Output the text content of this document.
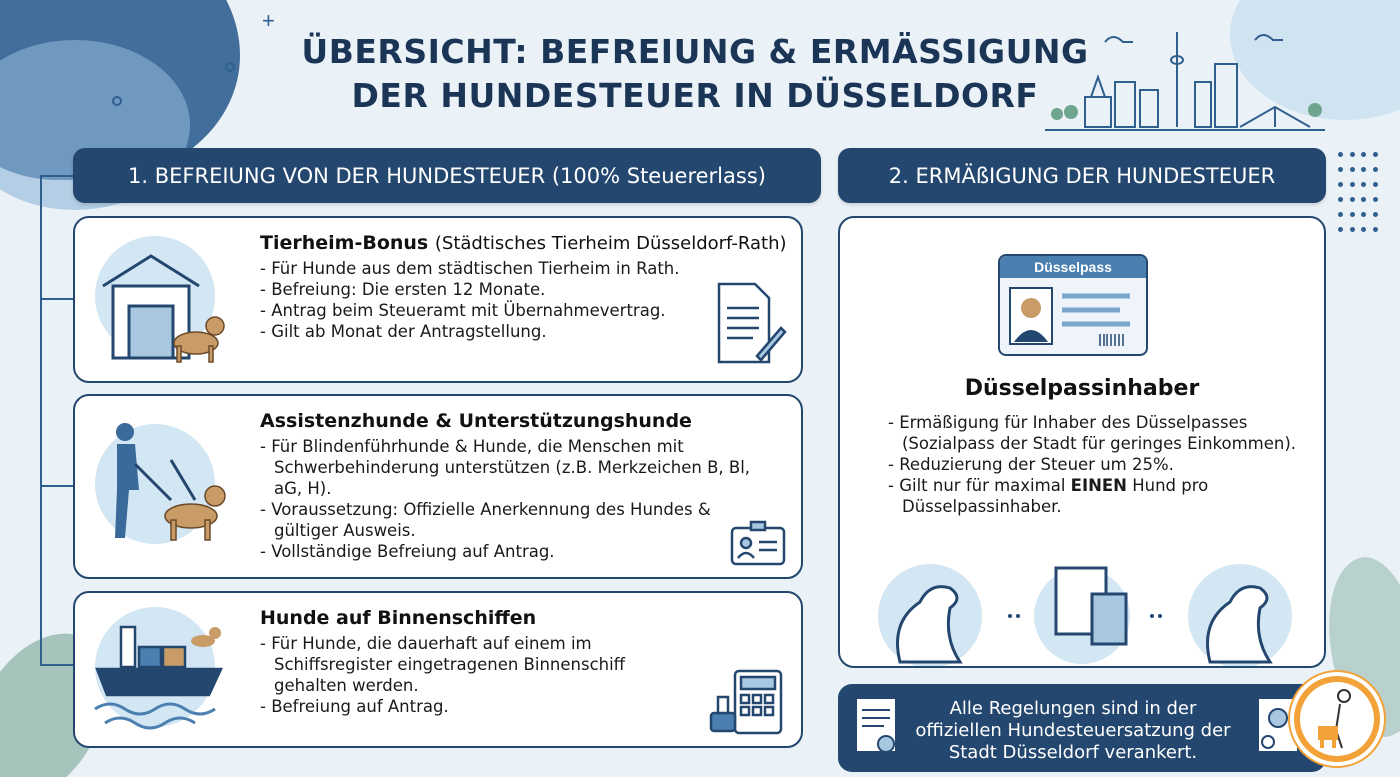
+
ÜBERSICHT: BEFREIUNG & ERMÄSSIGUNG
DER HUNDESTEUER IN DÜSSELDORF
1. BEFREIUNG VON DER HUNDESTEUER (100% Steuererlass)
Tierheim-Bonus (Städtisches Tierheim Düsseldorf-Rath)
- Für Hunde aus dem städtischen Tierheim in Rath.
- Befreiung: Die ersten 12 Monate.
- Antrag beim Steueramt mit Übernahmevertrag.
- Gilt ab Monat der Antragstellung.
Assistenzhunde & Unterstützungshunde
- Für Blindenführhunde & Hunde, die Menschen mit Schwerbehinderung unterstützen (z.B. Merkzeichen B, Bl, aG, H).
- Voraussetzung: Offizielle Anerkennung des Hundes & gültiger Ausweis.
- Vollständige Befreiung auf Antrag.
Hunde auf Binnenschiffen
- Für Hunde, die dauerhaft auf einem im Schiffsregister eingetragenen Binnenschiff gehalten werden.
- Befreiung auf Antrag.
2. ERMÄßIGUNG DER HUNDESTEUER
Düsselpass
Düsselpassinhaber
- Ermäßigung für Inhaber des Düsselpasses (Sozialpass der Stadt für geringes Einkommen).
- Reduzierung der Steuer um 25%.
- Gilt nur für maximal EINEN Hund pro Düsselpassinhaber.
Alle Regelungen sind in der offiziellen Hundesteuersatzung der Stadt Düsseldorf verankert.
